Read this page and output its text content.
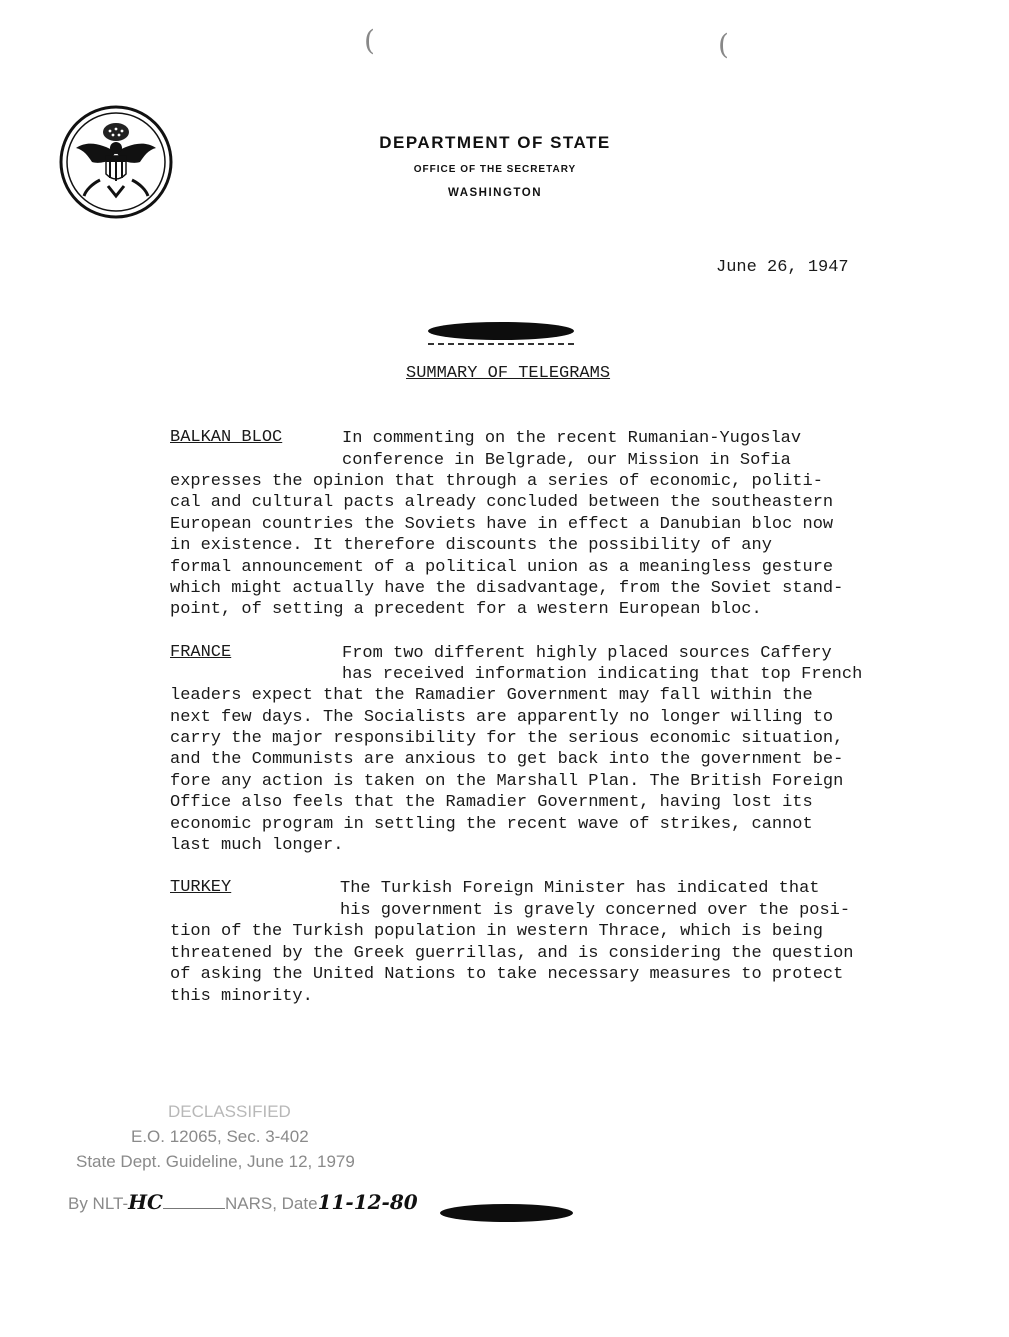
DEPARTMENT OF STATE
OFFICE OF THE SECRETARY
WASHINGTON
June 26, 1947
SUMMARY OF TELEGRAMS
BALKAN BLOC	In commenting on the recent Rumanian-Yugoslav
conference in Belgrade, our Mission in Sofia
expresses the opinion that through a series of economic, politi-
cal and cultural pacts already concluded between the southeastern
European countries the Soviets have in effect a Danubian bloc now
in existence. It therefore discounts the possibility of any
formal announcement of a political union as a meaningless gesture
which might actually have the disadvantage, from the Soviet stand-
point, of setting a precedent for a western European bloc.
FRANCE	From two different highly placed sources Caffery
has received information indicating that top French
leaders expect that the Ramadier Government may fall within the
next few days. The Socialists are apparently no longer willing to
carry the major responsibility for the serious economic situation,
and the Communists are anxious to get back into the government be-
fore any action is taken on the Marshall Plan. The British Foreign
Office also feels that the Ramadier Government, having lost its
economic program in settling the recent wave of strikes, cannot
last much longer.
TURKEY	The Turkish Foreign Minister has indicated that
his government is gravely concerned over the posi-
tion of the Turkish population in western Thrace, which is being
threatened by the Greek guerrillas, and is considering the question
of asking the United Nations to take necessary measures to protect
this minority.
DECLASSIFIED
E.O. 12065, Sec. 3-402
State Dept. Guideline, June 12, 1979
By NLT-HC	NARS, Date11-12-80
(	(
